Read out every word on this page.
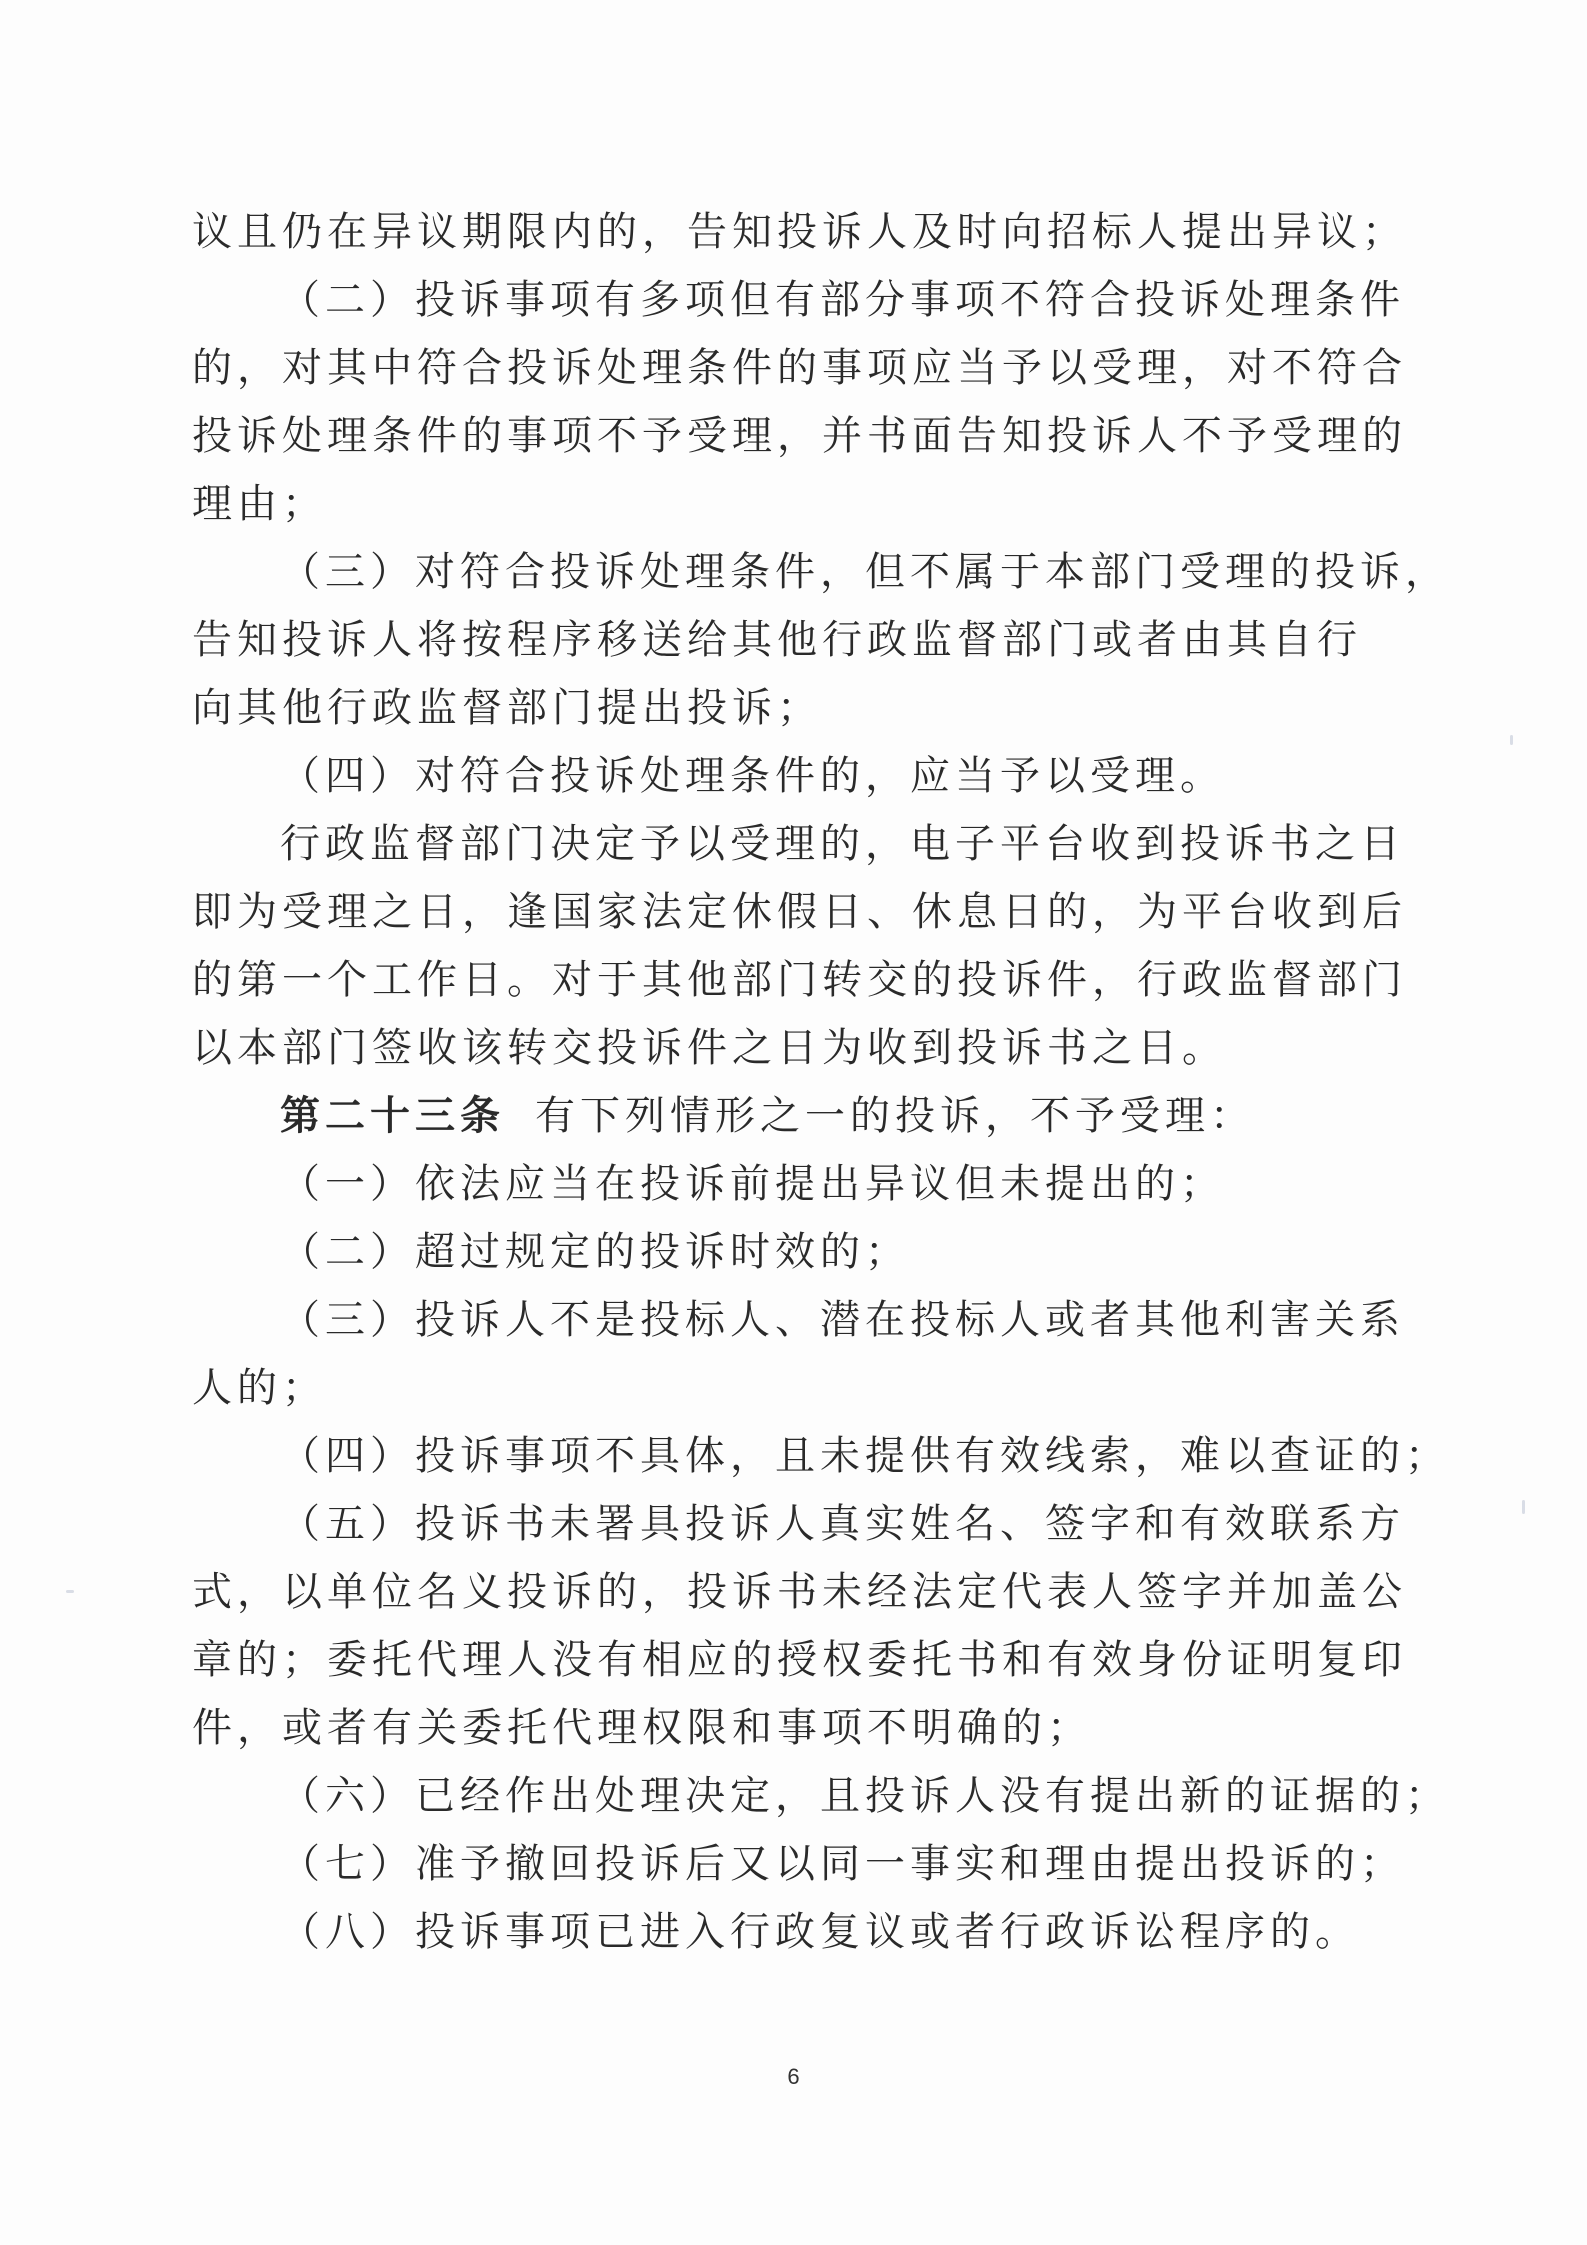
议且仍在异议期限内的，告知投诉人及时向招标人提出异议；
（二）投诉事项有多项但有部分事项不符合投诉处理条件
的，对其中符合投诉处理条件的事项应当予以受理，对不符合
投诉处理条件的事项不予受理，并书面告知投诉人不予受理的
理由；
（三）对符合投诉处理条件，但不属于本部门受理的投诉，
告知投诉人将按程序移送给其他行政监督部门或者由其自行
向其他行政监督部门提出投诉；
（四）对符合投诉处理条件的，应当予以受理。
行政监督部门决定予以受理的，电子平台收到投诉书之日
即为受理之日，逢国家法定休假日、休息日的，为平台收到后
的第一个工作日。对于其他部门转交的投诉件，行政监督部门
以本部门签收该转交投诉件之日为收到投诉书之日。
第二十三条 有下列情形之一的投诉，不予受理：
（一）依法应当在投诉前提出异议但未提出的；
（二）超过规定的投诉时效的；
（三）投诉人不是投标人、潜在投标人或者其他利害关系
人的；
（四）投诉事项不具体，且未提供有效线索，难以查证的；
（五）投诉书未署具投诉人真实姓名、签字和有效联系方
式，以单位名义投诉的，投诉书未经法定代表人签字并加盖公
章的；委托代理人没有相应的授权委托书和有效身份证明复印
件，或者有关委托代理权限和事项不明确的；
（六）已经作出处理决定，且投诉人没有提出新的证据的；
（七）准予撤回投诉后又以同一事实和理由提出投诉的；
（八）投诉事项已进入行政复议或者行政诉讼程序的。
6
